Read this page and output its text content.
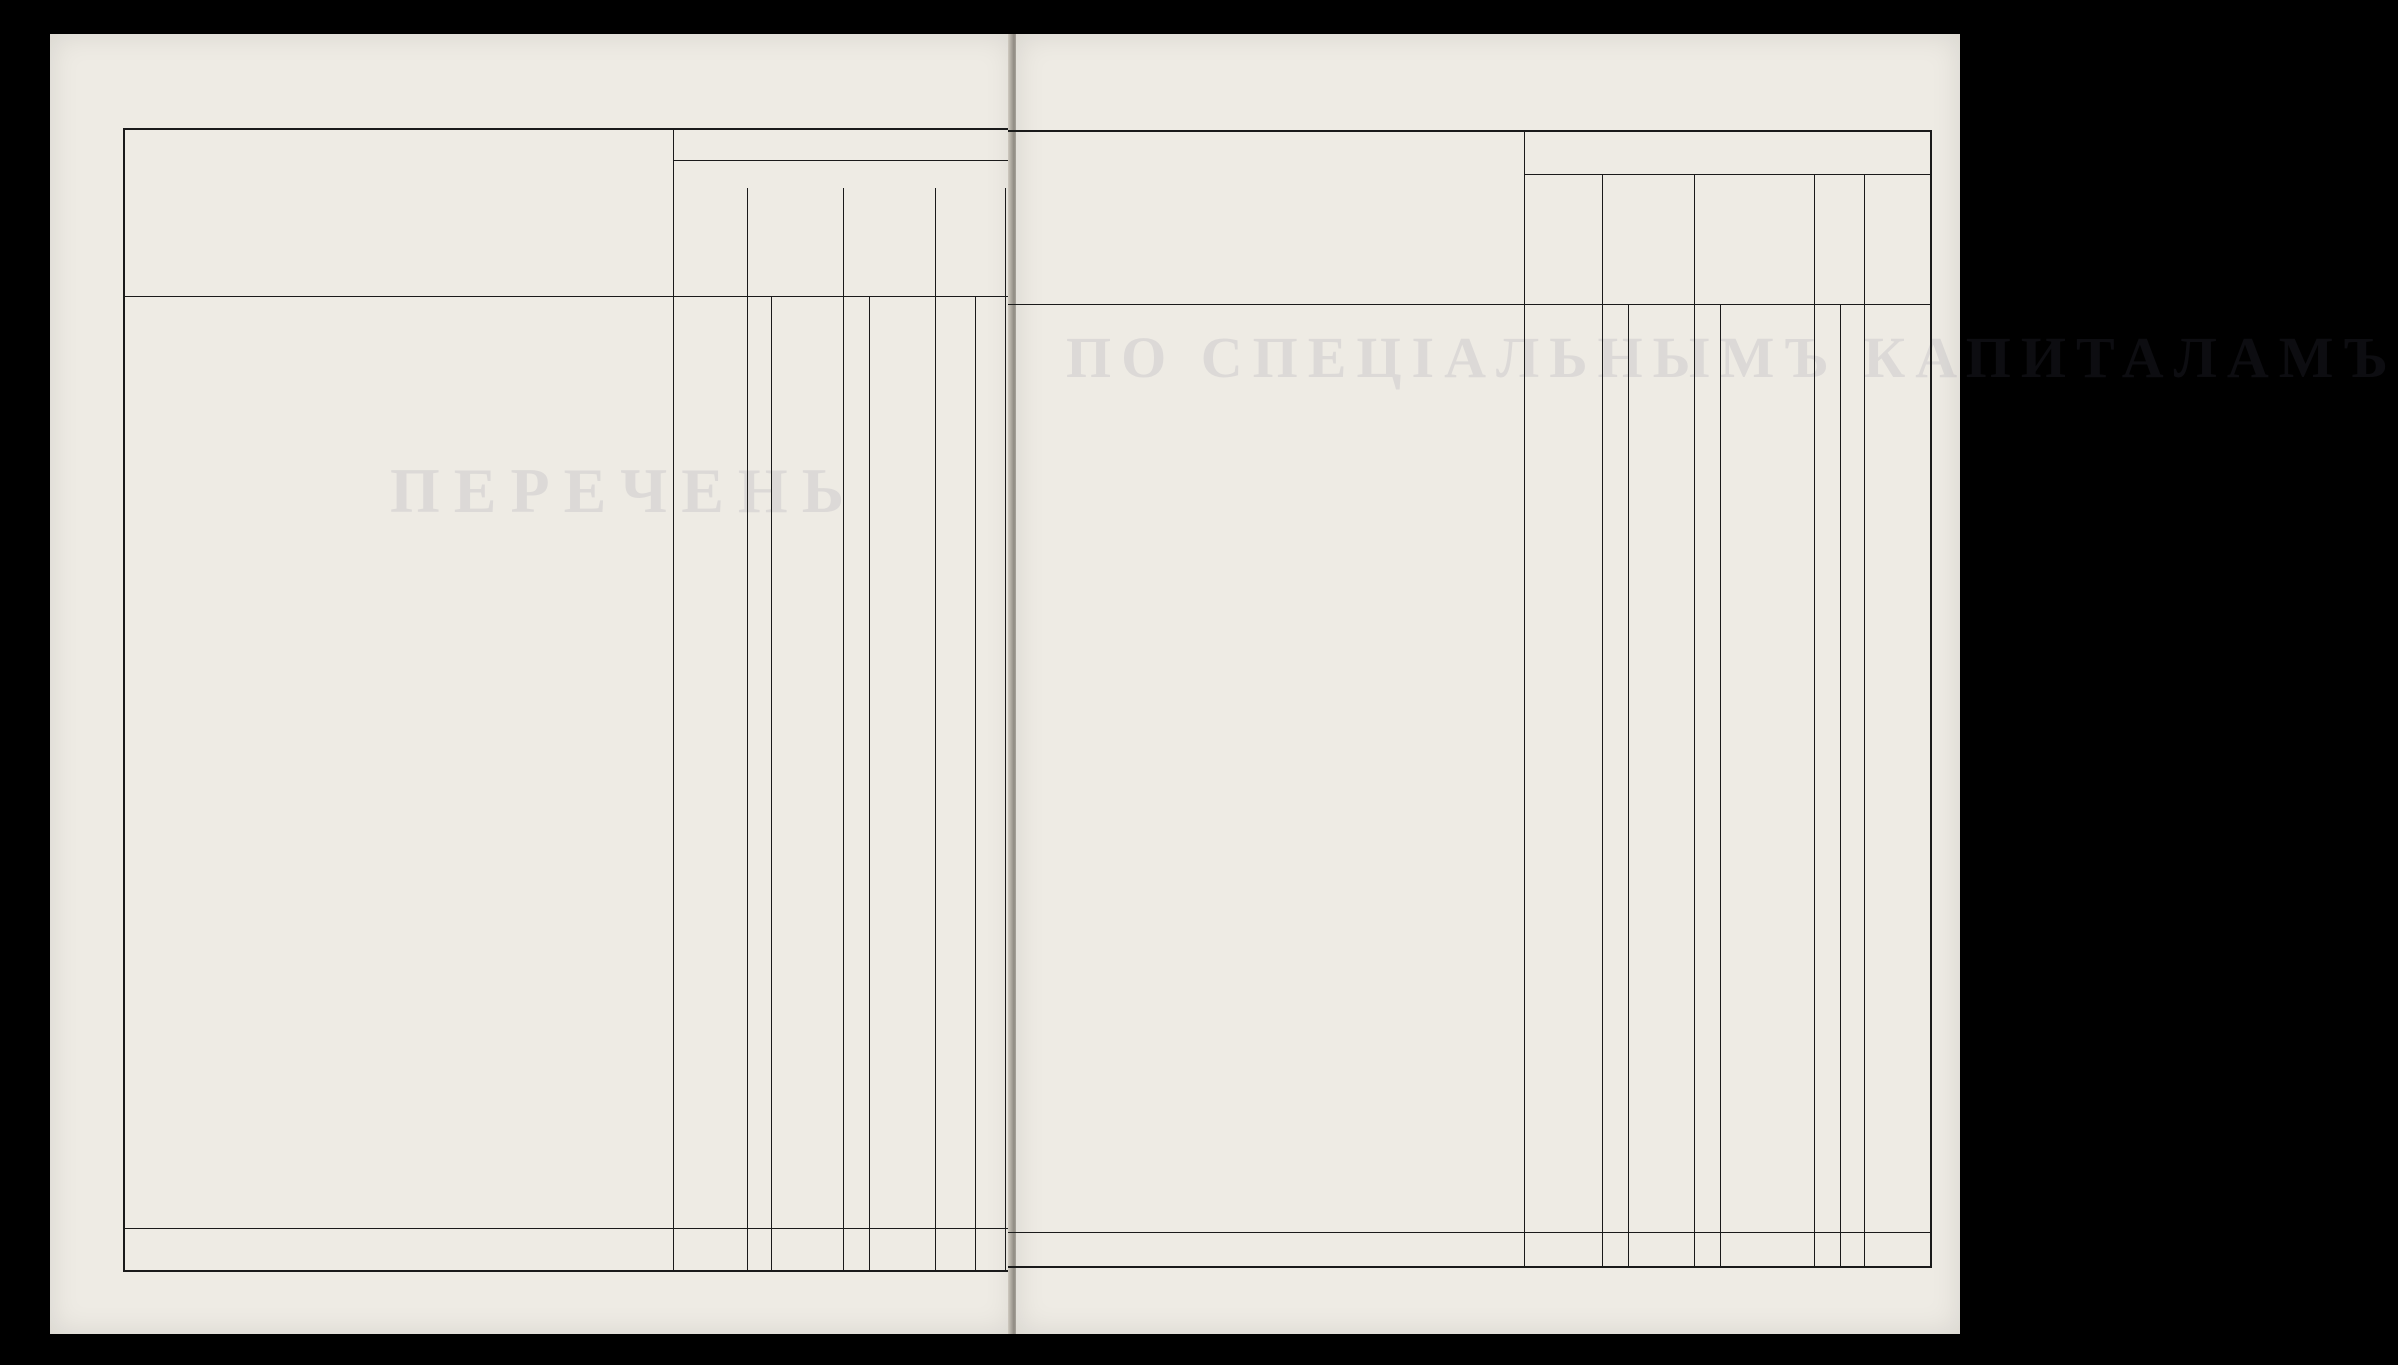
ПЕРЕЧЕНЬ
ПО СПЕЦІАЛЬНЫМЪ КАПИТАЛАМЪ
